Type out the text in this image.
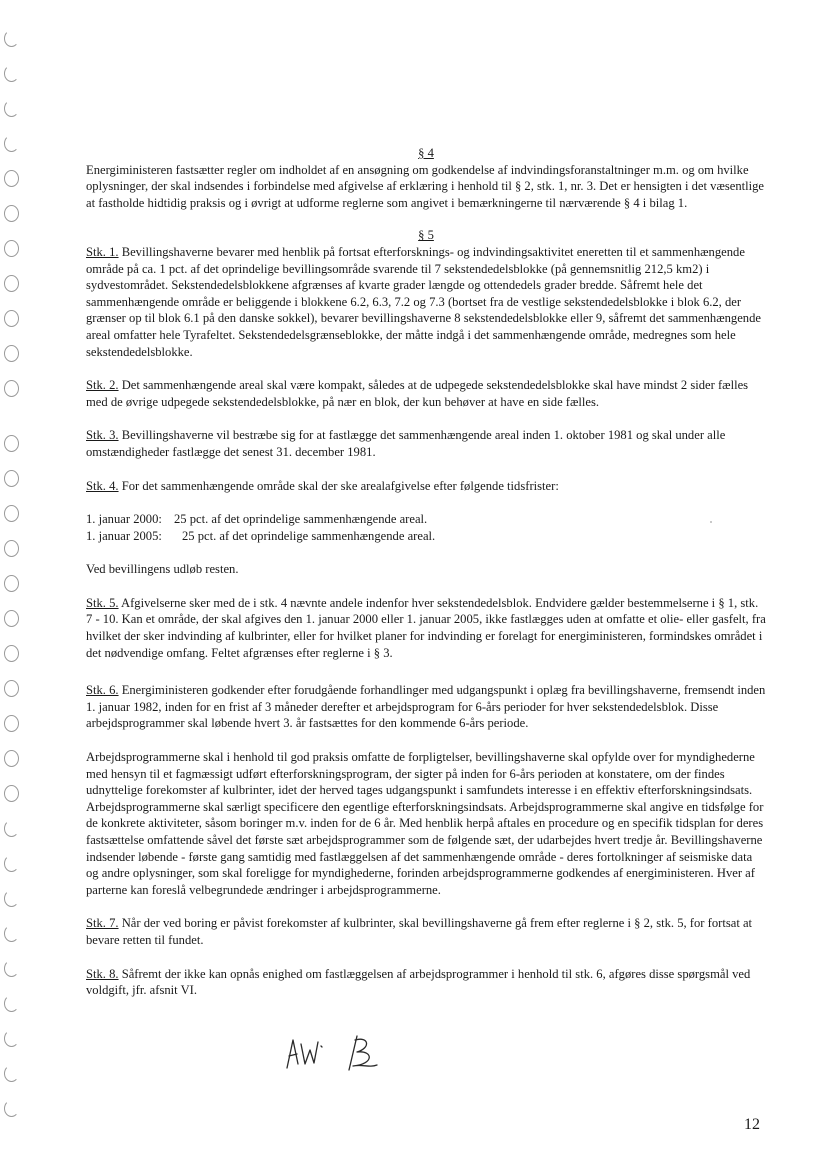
§ 4

Energiministeren fastsætter regler om indholdet af en ansøgning om godkendelse af indvindingsforanstaltninger m.m. og om hvilke oplysninger, der skal indsendes i forbindelse med afgivelse af erklæring i henhold til § 2, stk. 1, nr. 3. Det er hensigten i det væsentlige at fastholde hidtidig praksis og i øvrigt at udforme reglerne som angivet i bemærkningerne til nærværende § 4 i bilag 1.

§ 5

Stk. 1. Bevillingshaverne bevarer med henblik på fortsat efterforsknings- og indvindingsaktivitet eneretten til et sammenhængende område på ca. 1 pct. af det oprindelige bevillingsområde svarende til 7 sekstendedelsblokke (på gennemsnitlig 212,5 km2) i sydvestområdet. Sekstendedelsblokkene afgrænses af kvarte grader længde og ottendedels grader bredde. Såfremt hele det sammenhængende område er beliggende i blokkene 6.2, 6.3, 7.2 og 7.3 (bortset fra de vestlige sekstendedelsblokke i blok 6.2, der grænser op til blok 6.1 på den danske sokkel), bevarer bevillingshaverne 8 sekstendedelsblokke eller 9, såfremt det sammenhængende areal omfatter hele Tyrafeltet. Sekstendedelsgrænseblokke, der måtte indgå i det sammenhængende område, medregnes som hele sekstendedelsblokke.

Stk. 2. Det sammenhængende areal skal være kompakt, således at de udpegede sekstendedelsblokke skal have mindst 2 sider fælles med de øvrige udpegede sekstendedelsblokke, på nær en blok, der kun behøver at have en side fælles.

Stk. 3. Bevillingshaverne vil bestræbe sig for at fastlægge det sammenhængende areal inden 1. oktober 1981 og skal under alle omstændigheder fastlægge det senest 31. december 1981.

Stk. 4. For det sammenhængende område skal der ske arealafgivelse efter følgende tidsfrister:

1. januar 2000: 25 pct. af det oprindelige sammenhængende areal.

1. januar 2005: 25 pct. af det oprindelige sammenhængende areal.

Ved bevillingens udløb resten.

Stk. 5. Afgivelserne sker med de i stk. 4 nævnte andele indenfor hver sekstendedelsblok. Endvidere gælder bestemmelserne i § 1, stk. 7 - 10. Kan et område, der skal afgives den 1. januar 2000 eller 1. januar 2005, ikke fastlægges uden at omfatte et olie- eller gasfelt, fra hvilket der sker indvinding af kulbrinter, eller for hvilket planer for indvinding er forelagt for energiministeren, formindskes området i det nødvendige omfang. Feltet afgrænses efter reglerne i § 3.

Stk. 6. Energiministeren godkender efter forudgående forhandlinger med udgangspunkt i oplæg fra bevillingshaverne, fremsendt inden 1. januar 1982, inden for en frist af 3 måneder derefter et arbejdsprogram for 6-års perioder for hver sekstendedelsblok. Disse arbejdsprogrammer skal løbende hvert 3. år fastsættes for den kommende 6-års periode.

Arbejdsprogrammerne skal i henhold til god praksis omfatte de forpligtelser, bevillingshaverne skal opfylde over for myndighederne med hensyn til et fagmæssigt udført efterforskningsprogram, der sigter på inden for 6-års perioden at konstatere, om der findes udnyttelige forekomster af kulbrinter, idet der herved tages udgangspunkt i samfundets interesse i en effektiv efterforskningsindsats. Arbejdsprogrammerne skal særligt specificere den egentlige efterforskningsindsats. Arbejdsprogrammerne skal angive en tidsfølge for de konkrete aktiviteter, såsom boringer m.v. inden for de 6 år. Med henblik herpå aftales en procedure og en specifik tidsplan for deres fastsættelse omfattende såvel det første sæt arbejdsprogrammer som de følgende sæt, der udarbejdes hvert tredje år. Bevillingshaverne indsender løbende - første gang samtidig med fastlæggelsen af det sammenhængende område - deres fortolkninger af seismiske data og andre oplysninger, som skal foreligge for myndighederne, forinden arbejdsprogrammerne godkendes af energiministeren. Hver af parterne kan foreslå velbegrundede ændringer i arbejdsprogrammerne.

Stk. 7. Når der ved boring er påvist forekomster af kulbrinter, skal bevillingshaverne gå frem efter reglerne i § 2, stk. 5, for fortsat at bevare retten til fundet.

Stk. 8. Såfremt der ikke kan opnås enighed om fastlæggelsen af arbejdsprogrammer i henhold til stk. 6, afgøres disse spørgsmål ved voldgift, jfr. afsnit VI.

12
